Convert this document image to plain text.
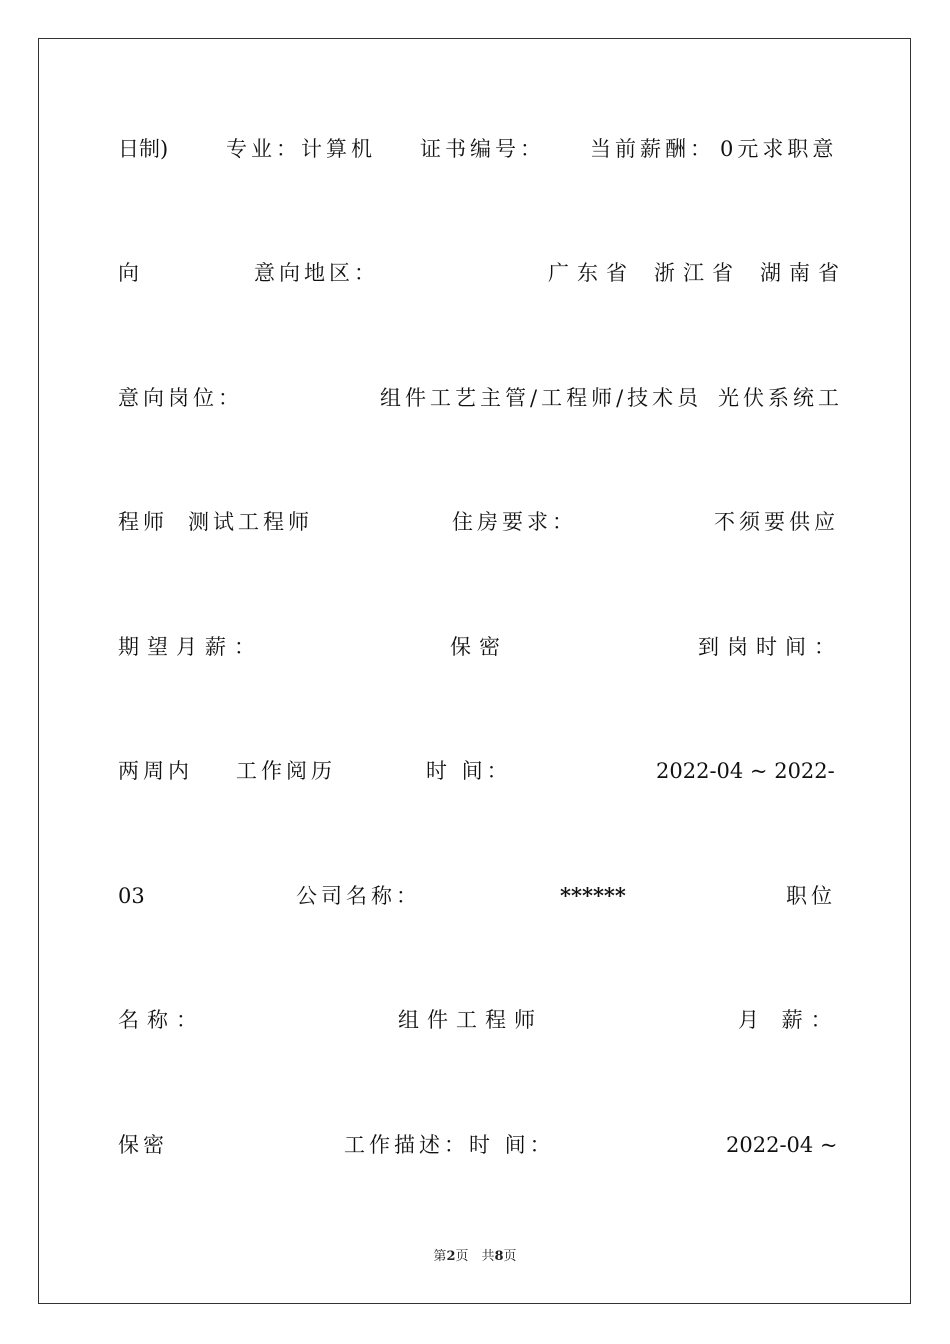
日制)	专业：计算机 证书编号： 当前薪酬： 0元求职意
向	意向地区：	广东省 浙江省 湖南省
意向岗位：	组件工艺主管/工程师/技术员 光伏系统工
程师 测试工程师	住房要求：	不须要供应
期望月薪：	保密	到岗时间：
两周内 工作阅历	时 间：	2022-04 ~ 2022-
03	公司名称：	******	职位
名称：	组件工程师	月 薪：
保密	工作描述：时 间：	2022-04 ~
第2页　共8页
